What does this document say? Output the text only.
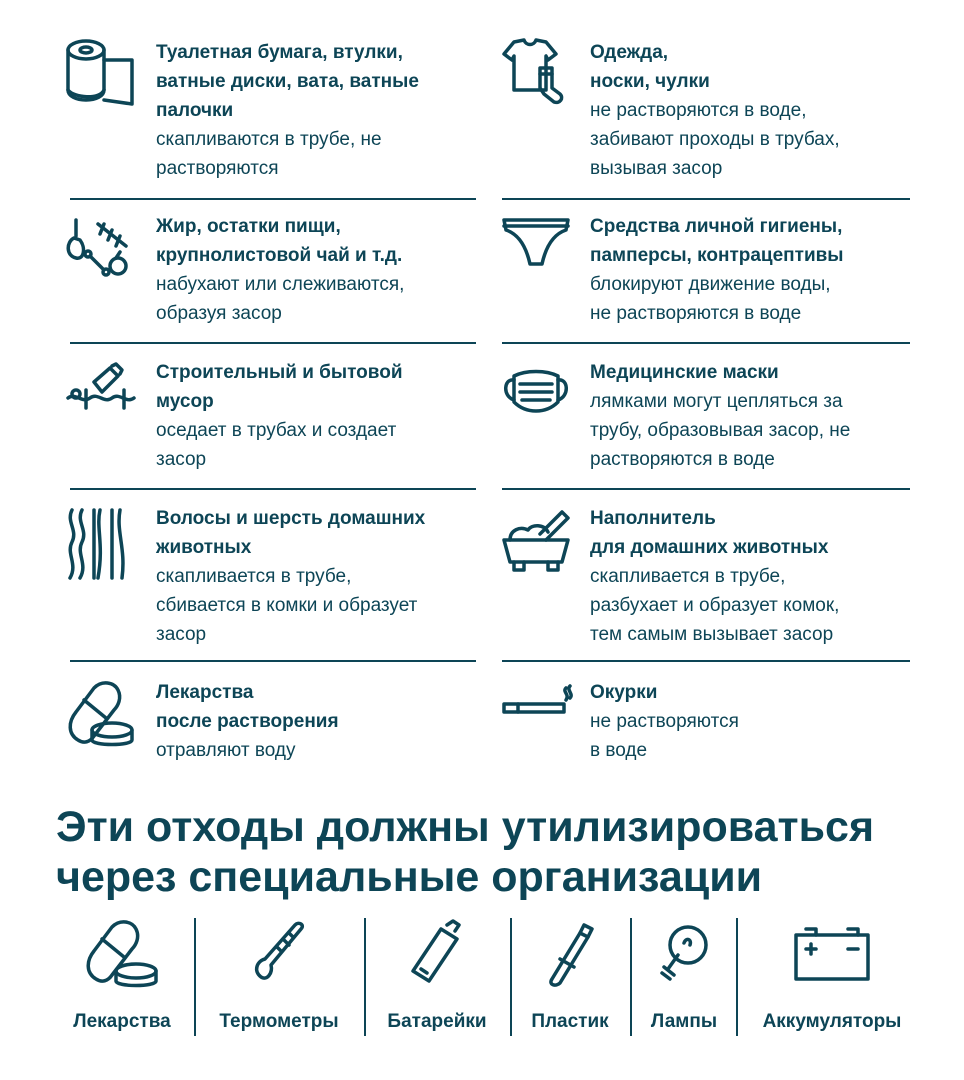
Туалетная бумага, втулки,
ватные диски, вата, ватные
палочки
скапливаются в трубе, не
растворяются
Одежда,
носки, чулки
не растворяются в воде,
забивают проходы в трубах,
вызывая засор
Жир, остатки пищи,
крупнолистовой чай и т.д.
набухают или слеживаются,
образуя засор
Средства личной гигиены,
памперсы, контрацептивы
блокируют движение воды,
не растворяются в воде
Строительный и бытовой
мусор
оседает в трубах и создает
засор
Медицинские маски
лямками могут цепляться за
трубу, образовывая засор, не
растворяются в воде
Волосы и шерсть домашних
животных
скапливается в трубе,
сбивается в комки и образует
засор
Наполнитель
для домашних животных
скапливается в трубе,
разбухает и образует комок,
тем самым вызывает засор
Лекарства
после растворения
отравляют воду
Окурки
не растворяются
в воде
Эти отходы должны утилизироваться
через специальные организации
Лекарства	Термометры	Батарейки	Пластик	Лампы	Аккумуляторы
